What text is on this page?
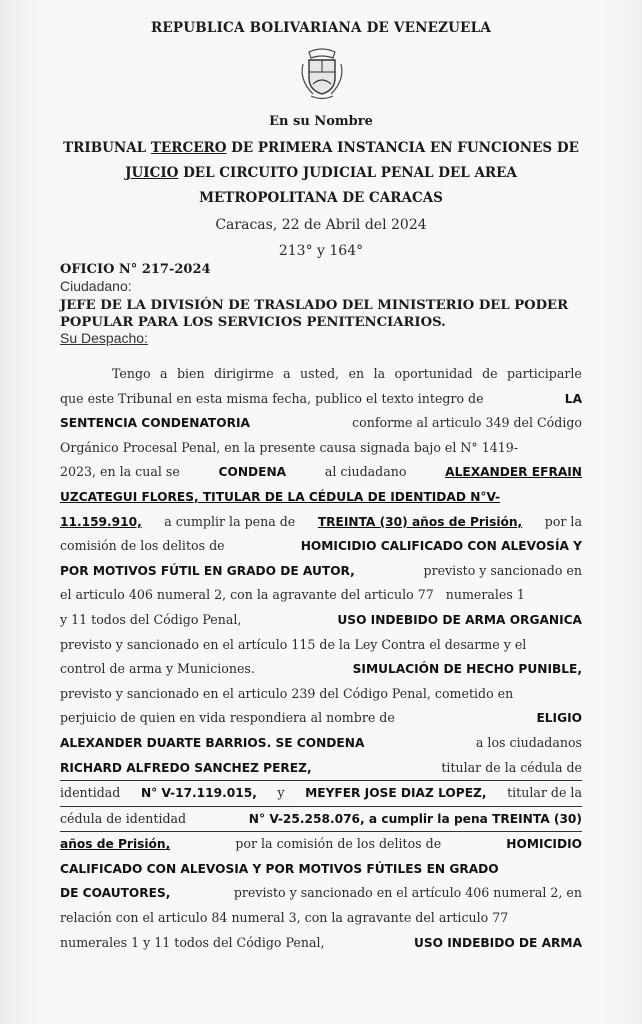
REPUBLICA BOLIVARIANA DE VENEZUELA
En su Nombre
TRIBUNAL TERCERO DE PRIMERA INSTANCIA EN FUNCIONES DE
JUICIO DEL CIRCUITO JUDICIAL PENAL DEL AREA
METROPOLITANA DE CARACAS
Caracas, 22 de Abril del 2024
213° y 164°
OFICIO N° 217-2024
Ciudadano:
JEFE DE LA DIVISIÓN DE TRASLADO DEL MINISTERIO DEL PODER
POPULAR PARA LOS SERVICIOS PENITENCIARIOS.
Su Despacho:
Tengo a bien dirigirme a usted, en la oportunidad de participarle
que este Tribunal en esta misma fecha, publico el texto integro de	LA
SENTENCIA CONDENATORIA	conforme al articulo 349 del Código
Orgánico Procesal Penal, en la presente causa signada bajo el N° 1419-
2023, en la cual se	CONDENA	al ciudadano	ALEXANDER EFRAIN
UZCATEGUI FLORES, TITULAR DE LA CÉDULA DE IDENTIDAD N°V-
11.159.910, a cumplir la pena de TREINTA (30) años de Prisión, por la
comisión de los delitos de	HOMICIDIO CALIFICADO CON ALEVOSÍA Y
POR MOTIVOS FÚTIL EN GRADO DE AUTOR,	previsto y sancionado en
el articulo 406 numeral 2, con la agravante del articulo 77   numerales 1
y 11 todos del Código Penal,	USO INDEBIDO DE ARMA ORGANICA
previsto y sancionado en el artículo 115 de la Ley Contra el desarme y el
control de arma y Municiones.	SIMULACIÓN DE HECHO PUNIBLE,
previsto y sancionado en el articulo 239 del Código Penal, cometido en
perjuicio de quien en vida respondiera al nombre de	ELIGIO
ALEXANDER DUARTE BARRIOS. SE CONDENA	a los ciudadanos
RICHARD ALFREDO SANCHEZ PEREZ,	titular de la cédula de
identidad N° V-17.119.015, y MEYFER JOSE DIAZ LOPEZ, titular de la
cédula de identidad	N° V-25.258.076, a cumplir la pena TREINTA (30)
años de Prisión,	por la comisión de los delitos de	HOMICIDIO
CALIFICADO CON ALEVOSIA Y POR MOTIVOS FÚTILES EN GRADO
DE COAUTORES,	previsto y sancionado en el artículo 406 numeral 2, en
relación con el articulo 84 numeral 3, con la agravante del articulo 77
numerales 1 y 11 todos del Código Penal,	USO INDEBIDO DE ARMA
